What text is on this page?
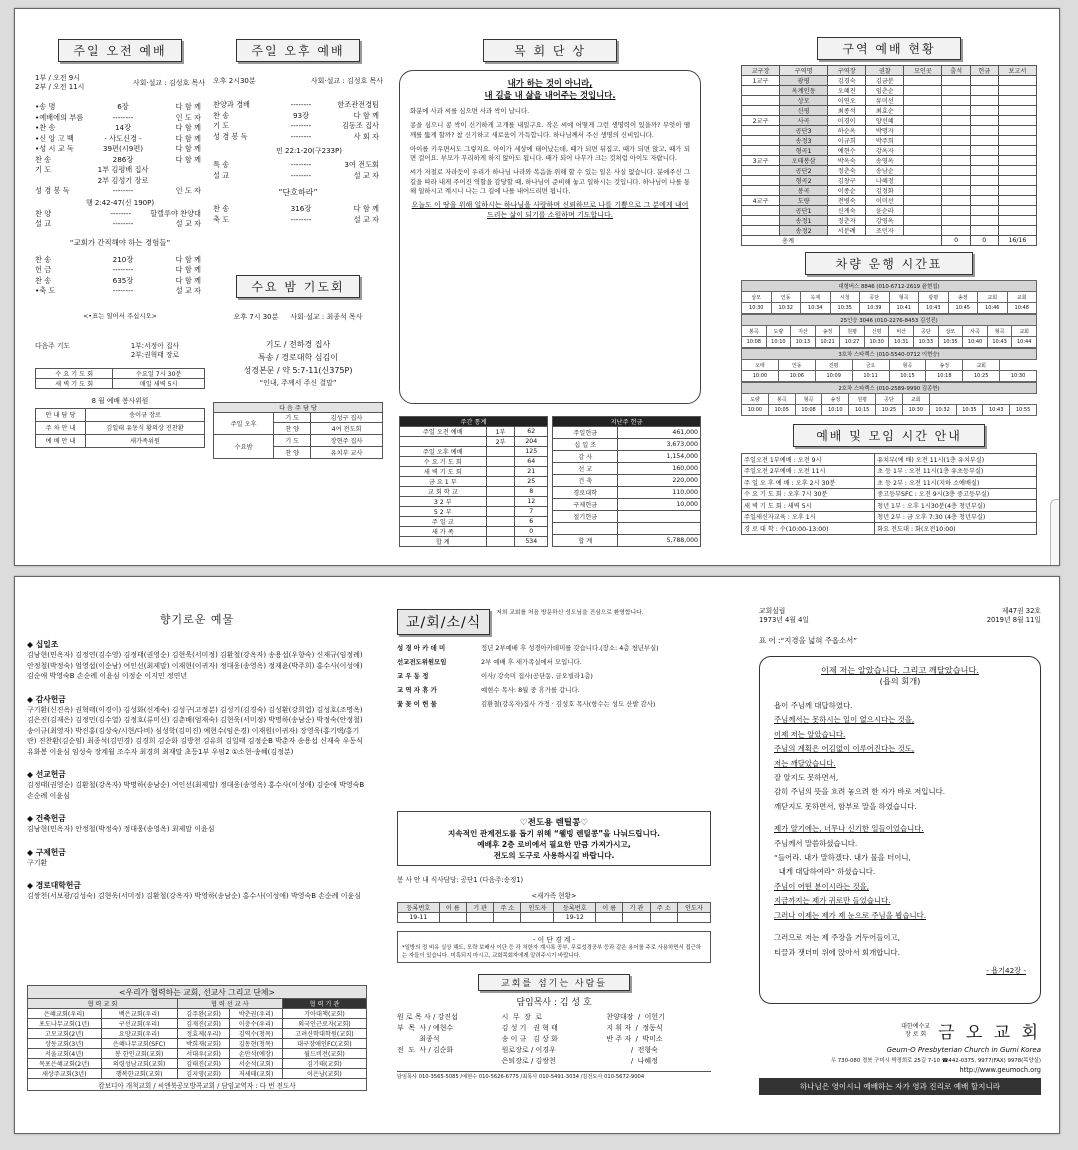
주일 오전 예배
1부 / 오전 9시
2부 / 오전 11시
사회·설교 : 김성호 목사
•송 명	6장	다 함 께
•예배에의 부름	--------	인 도 자
•찬 송	14장	다 함 께
•신 앙 고 백	- 사도신경 -	다 함 께
•성 시 교 독	39편(시9편)	다 함 께
찬 송	286장	다 함 께
기 도	1부 김평배 집사
2부 김성기 장로
성 경 봉 독	--------	인 도 자
행 2:42-47(신 190P)
찬 양	--------	할렐루야 찬양대
설 교	--------	설 교 자
“교회가 간직해야 하는 경험들”
찬 송	210장	다 함 께
헌 금	--------	다 함 께
찬 송	635장	다 함 께
•축 도	--------	설 교 자
<•표는 일어서 주십시오>
다음주 기도	1부:서정아 집사
2부:권혁태 장로
수 요 기 도 회	수요일 7시 30분
새 벽 기 도 회	매일 새벽 5시
8 월 예배 봉사위원
안 내 담 당	송이규 장로
주 차 안 내	김일태 유동식 황의상 진찬환
예 배 안 내	새가족위원
주일 오후 예배
오후 2시30분	사회·설교 : 김성호 목사
찬양과 경배	--------	한조관전경팀
찬 송	93장	다 함 께
기 도	--------	김동조 집사
성 경 봉 독	--------	사 회 자
민 22:1-20(구233P)
특 송	--------	3여 전도회
설 교	--------	설 교 자
“단호하라”
찬 송	316장	다 함 께
축 도	--------	설 교 자
수요 밤 기도회
오후 7시 30분 사회·설교 : 최종석 목사
기도 / 전하경 집사
특송 / 경로대학 심김이
성경본문 / 약 5:7-11(신375P)
“인내, 주께서 주신 결말”
다 음 주 담 당		
주일 오후	기 도	김성구 집사
	찬 양	4여 전도회
수요밤	기 도	장현주 집사
	찬 양	유치부 교사
목 회 단 상
내가 하는 것이 아니라,
내 길을 내 삶을 내어주는 것입니다.

화분에 사과 씨를 심으면 사과 싹이 납니다.

콩을 심으니 콩 싹이 신기하게 고개를 내밀구요. 작은 씨에 어떻게 그런 생명력이 있을까? 무엇이 땔깨를 뚫게 할까? 참 신기하고 새로움이 가득합니다. 하나님께서 주신 생명의 신비입니다.

아이를 키우면서도 그렇지요. 아이가 세상에 태어났는데, 때가 되면 뒤집고, 때가 되면 앉고, 때가 되면 걸어요. 부모가 무리하게 하지 않아도 됩니다. 때가 되어 나무가 크는 것처럼 아이도 자랍니다.

씨가 저절로 자라듯이 우리가 하나님 나라와 복음을 위해 할 수 있는 일은 사실 없습니다. 분에주신 그 길을 따라 내게 주어진 역할을 감당할 때, 하나님이 준비해 놓고 일하시는 것입니다. 하나님이 나를 통해 일하시고 계시니 나는 그 길에 나를 내어드리면 됩니다.

오늘도 이 땅을 위해 일하시는 하나님을 사랑하며 신뢰하므로 나를 기쁨으로 그 분에게 내어드리는 삶이 되기를 소원하며 기도합니다.

주간 통계		
주일 오전 예배	1부	62
	2부	204
주일 오후 예배		125
수 요 기 도 회		64
새 벽 기 도 회		21
금 요 1 부		25
교 회 학 교		8
3 2 부		12
5 2 부		7
주 일 교		6
새 가 족		0
합 계		534
지난주 헌금	
주일헌금	461,000
십 일 조	3,673,000
감 사	1,154,000
선 교	160,000
건 축	220,000
경로대학	110,000
구제헌금	10,000
절기헌금	

합 계	5,788,000
구역 예배 현황
교구장	구역명	구역장	권찰	모인곳	출석	헌금	보고서
1교구	광평	김경숙	김금분				
	옥계인동	오혜진	임춘순				
	상모	이연오	류미선				
	신평	최종석	최효순				
2교구	사곡	이경이	양선혜				
	공단3	하순옥	박명자				
	송정3	이규희	박주희				
	형곡1	예현수	강옥자				
3교구	오태봉삼	박옥숙	송영옥				
	공단2	정춘숙	송남순				
	형곡2	김창구	나혜정				
	봉곡	이종순	김정화				
4교구	도량	전병숙	이미선				
	공단1	신계숙	윤순라				
	송정1	정춘자	강영옥				
	송정2	서분례	조민자				
총계					0	0	16/16
차량 운행 시간표
대형버스 8846 (010-6712-2619 윤현섭)									
상모	인동	옥계	시청	공단	형곡	광평	송정	교회	교회
10:30	10:32	10:34	10:35	10:39	10:41	10:43	10:45	10:46	10:48
25인승 3046 (010-2276-8453 김성진)											
봉곡	도량	지산	송정	원평	신평	비산	공단	상모	사곡	형곡	교회
10:08	10:10	10:13	10:21	10:27	10:30	10:31	10:33	10:35	10:40	10:43	10:44
3호차 스타렉스 (010-5540-0712 이현승)							
오태	인동	진평	금오	형곡	송정	교회	
10:00	10:06	10:09	10:11	10:15	10:18	10:25	10:30
2호차 스타렉스 (010-2589-9990 김종현)										
도량	봉곡	형곡	송정	원평	공단	교회				
10:00	10:05	10:08	10:10	10:15	10:25	10:30	10:32	10:35	10:43	10:55
예배 및 모임 시간 안내
주일오전 1부예배 : 오전 9시	유치부(예 배) 오전 11시(1층 유치부실)
주일오전 2부예배 : 오전 11시	초 등 1부 : 오전 11시(1층 유초등부실)
주 일 오 후 예 배 : 오후 2시 30분	초 등 2부 : 오전 11시(지하 소예배실)
수 요 기 도 회 : 오후 7시 30분	중고등부SFC : 오전 9시(3층 중고등부실)
새 벽 기 도 회 : 새벽 5시	청년 1부 : 오후 1시30분(4층 청년부실)
주일새신자교육 : 오후 1시	청년 2부 : 금 오후 7:30 (4층 청년부실)
경 로 대 학 : 수(10:00-13:00)	화요 전도대 : 화(오전10:00)
향기로운 예물
◆ 십일조
김남현(민옥자) 김정연(김수영) 김정태(권영순) 김현욱(서미정) 김환철(강옥자) 송용섭(우향숙) 신재규(임정례) 안정철(박정숙) 엄영섭(이순남) 여인선(최제말) 이재현(이귀자) 정대웅(송영옥) 정재윤(박주희) 홍수사(이성애) 김순애 박영숙B 손순례 이윤심 이정순 이지민 정연년
◆ 감사헌금
구기환(신진옥) 권혁태(이경이) 김성화(신계숙) 김성구(고정분) 김성기(김경숙) 김성환(강희엽) 김성호(조명옥) 김은진(김재은) 김정민(김수열) 김정호(류미선) 김춘배(엄재숙) 김현욱(서미정) 박명하(송남순) 박정숙(안정철) 송이규(최영자) 박진홍(김상숙/시현/다비) 심성학(김미진) 예현수(임은경) 이재원(이귀자) 장영욱(홍기택/홍기란) 진찬환(김순임) 최종석(김민경) 김경희 김순화 김방천 김유희 김일태 김정순B 박춘자 송용섭 신재숙 우동식 유화봉 이윤심 임성숙 장계월 조수자 최경희 최재말 초등1부 우펌2 ①소현-송혜(김정분)
◆ 선교헌금
김정태(권영순) 김환철(강옥자) 박명하(송남순) 여인선(최제말) 정대웅(송영옥) 홍수사(이성애) 김순애 박영숙B 손순례 이윤심
◆ 건축헌금
김남현(민옥자) 안정철(박정숙) 정대웅(송영옥) 최제말 이윤심
◆ 구제헌금
구기환
◆ 경로대학헌금
김쌍천(서보광/김성숙) 김현욱(서미정) 김환철(강옥자) 박영하(송남순) 홍수사(이성애) 박영숙B 손순례 이윤심
<우리가 협력하는 교회, 선교사 그리고 단체>				
협 력 교 회		협 력 선 교 사		협 력 기 관
은혜교회(우리)	백은교회(우리)	김주완(교회)	박춘권(우리)	기아대책(교회)
포도나무교회(1년)	구선교회(우리)	김재진(교회)	이충수(우리)	외국인근로자(교회)
고모교회(2년)	요양교회(우리)	정효제(우리)	김역수(청목)	고려신학대학원(교회)
상동교회(3년)	은혜나무교회(SFC)	박희재(교회)	김동현(청목)	대구장애인FC(교회)
서울교회(4년)	봉 한인교회(교회)	서대우(교회)	손만석(예장)	월드비전(교회)
목포은혜교회(2년)	의령성남교회(교회)	김태진(교회)	서순석(교회)	김기태(교회)
새상주교회(3년)	행복한교회(교회)	김지영(교회)	저세태(교회)	이은남(교회)
캄보디아 개척교회 / 씨앤북공모방콕교회 / 담임교역자 : 다 번 전도사				
교/회/소/식
저희 교회를 처음 방문하신 성도님을 진심으로 환영합니다.
성 경 아 카 데 미	정년 2부예배 후 성경아카데미를 갖습니다.(장소: 4층 청년부실)
선교전도위원모임	2부 예배 후 새가족실에서 모입니다.
교 우 동 정	이사/ 강숙미 집사(공단동, 금오빌라1층)
교 역 자 휴 가	예현수 목사: 8월 중 휴가를 갑니다.
꽃 꽂 이 헌 물	김환철(강옥자)집사 가정 · 김성호 목사(항수는 성도 산밭 감사)
♡전도용 렌틸콩♡
지속적인 관계전도를 돕기 위해 “웰빙 렌틸콩”을 나눠드립니다.
예배후 2층 로비에서 필요한 만큼 가져가시고,
전도의 도구로 사용하시길 바랍니다.
봉 사 안 내 식사담당: 공단1 (다음주:송정1)
<새가족 현황>
등록번호	이 름	기 관	주 소	인도자	등록번호	이 름	기 관	주 소	인도자
19-11					19-12				
- 이 단 경 계 -
*일방의 정 비유 실상 해도, 모략 보배사 이단 등 각 처한자 계시록 공부, 무료성경공부 등과 같은 용어를 주로 사용하면서 접근하는 자들이 있습니다. 미혹되지 마시고, 교회목회자에게 알려주시기 바랍니다.
교회를 섬기는 사람들
담임목사 : 김 성 호
원 로 목 사 / 강진섭	시  무  장  로	찬양대장  /  이헌기
부  목  사 / 예현수	김 성 기   권 혁 태	지 휘 자  /  정동식
최종석	송 이 규   김 상 화	반 주 자  /  박미소
전  도  사 / 김순화	원로장로 / 이경우	/  전형숙
은퇴장로 / 김쌍천	/  나혜정
담임목사 010-3565-5085 /예현수 010-5626-6775 /최목사 010-5491-3034 /김전도사 010-5672-9004
교회설립
1973년 4월 4일
제47권 32호
2019년 8월 11일
표 어 :“지경을 넓혀 주옵소서”
이제 저는 알았습니다. 그리고 깨달았습니다.
(욥의 회개)
욥이 주님께 대답하였다.
주님께서는 못하시는 일이 없으시다는 것을,
이제 저는 알았습니다.
주님의 계획은 어김없이 이루어진다는 것도,
저는 깨달았습니다.
잘 알지도 못하면서,
감히 주님의 뜻을 흐려 놓으려 한 자가 바로 저입니다.
깨닫지도 못하면서, 함부로 말을 하였습니다.
제가 알기에는, 너무나 신기한 일들이었습니다.
주님께서 말씀하셨습니다.
“들어라. 내가 말하겠다. 내가 물을 터이니,
내게 대답하여라” 하셨습니다.
주님이 어떤 분이시라는 것을,
지금까지는 제가 귀로만 들었습니다.
그러나 이제는 제가 제 눈으로 주님을 뵙습니다.
그러므로 저는 제 주장을 거두어들이고,
티끌과 잿더미 위에 앉아서 회개합니다.
- 욥기42장 -
대한예수교
장 로 회 금 오 교 회
Geum-O Presbyterian Church in Gumi Korea
우 730-080 경북 구미시 박정희로 25길 7-10 ☎442-0375, 9977(FAX) 9978(목양실)
http://www.geumoch.org
하나님은 영이시니 예배하는 자가 영과 진리로 예배 할지니라
